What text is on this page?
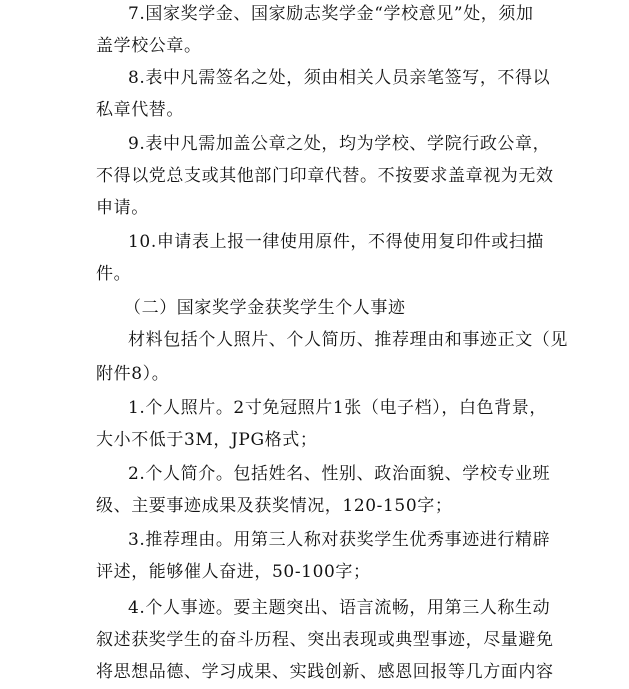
7.国家奖学金、国家励志奖学金“学校意见”处，须加
盖学校公章。
8.表中凡需签名之处，须由相关人员亲笔签写，不得以
私章代替。
9.表中凡需加盖公章之处，均为学校、学院行政公章，
不得以党总支或其他部门印章代替。不按要求盖章视为无效
申请。
10.申请表上报一律使用原件，不得使用复印件或扫描
件。
（二）国家奖学金获奖学生个人事迹
材料包括个人照片、个人简历、推荐理由和事迹正文（见
附件8）。
1.个人照片。2寸免冠照片1张（电子档），白色背景，
大小不低于3M，JPG格式；
2.个人简介。包括姓名、性别、政治面貌、学校专业班
级、主要事迹成果及获奖情况，120-150字；
3.推荐理由。用第三人称对获奖学生优秀事迹进行精辟
评述，能够催人奋进，50-100字；
4.个人事迹。要主题突出、语言流畅，用第三人称生动
叙述获奖学生的奋斗历程、突出表现或典型事迹，尽量避免
将思想品德、学习成果、实践创新、感恩回报等几方面内容
